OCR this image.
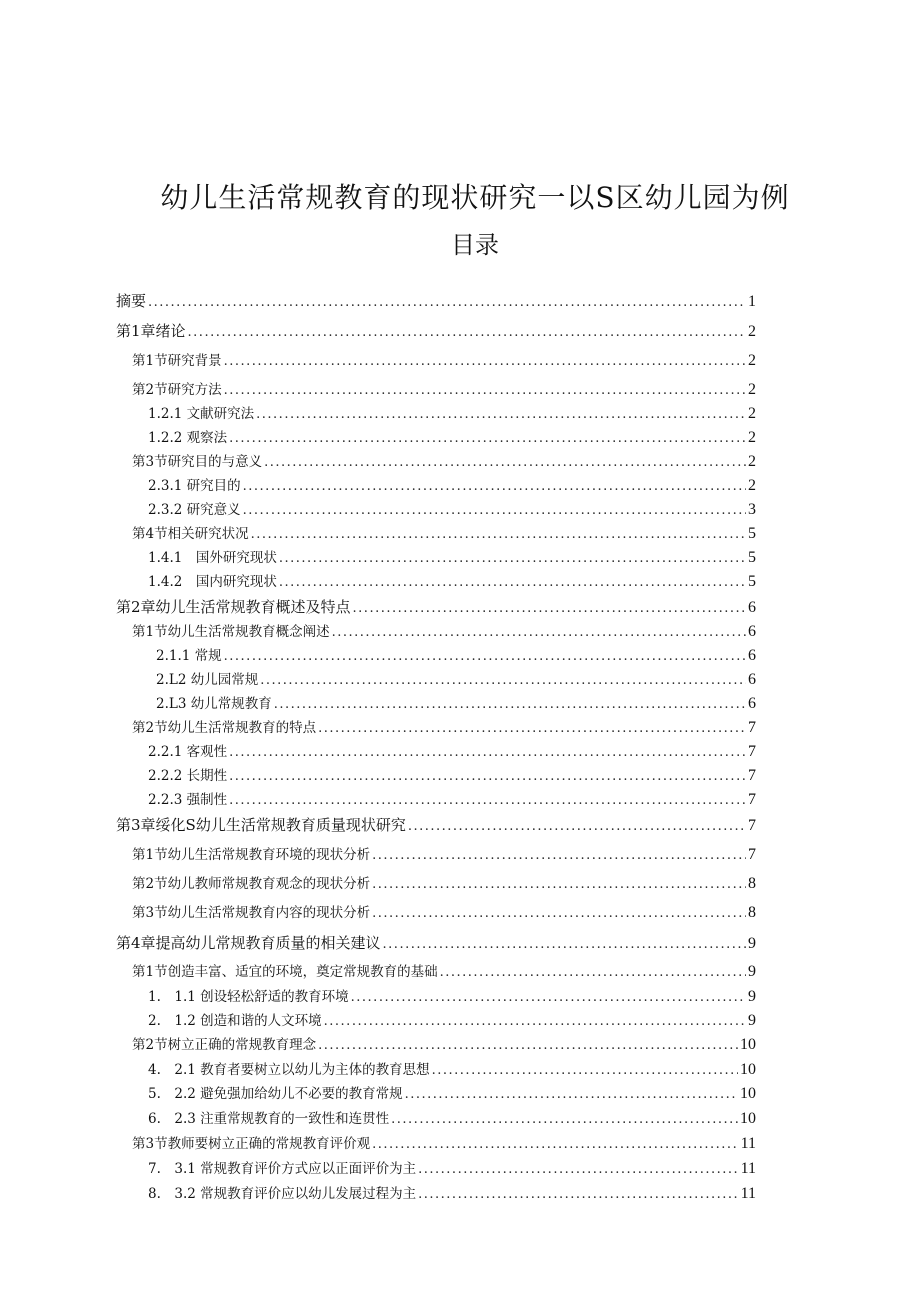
幼儿生活常规教育的现状研究一以S区幼儿园为例
目录
摘要 .....	1
第1章绪论 .....	2
第1节研究背景 .....	2
第2节研究方法 .....	2
1.2.1 文献研究法 .....	2
1.2.2 观察法 .....	2
第3节研究目的与意义 .....	2
2.3.1 研究目的 .....	2
2.3.2 研究意义 .....	3
第4节相关研究状况 .....	5
1.4.1　国外研究现状 .....	5
1.4.2　国内研究现状 .....	5
第2章幼儿生活常规教育概述及特点 .....	6
第1节幼儿生活常规教育概念阐述 .....	6
2.1.1 常规 .....	6
2.L2 幼儿园常规 .....	6
2.L3 幼儿常规教育 .....	6
第2节幼儿生活常规教育的特点 .....	7
2.2.1 客观性 .....	7
2.2.2 长期性 .....	7
2.2.3 强制性 .....	7
第3章绥化S幼儿生活常规教育质量现状研究 .....	7
第1节幼儿生活常规教育环境的现状分析 .....	7
第2节幼儿教师常规教育观念的现状分析 .....	8
第3节幼儿生活常规教育内容的现状分析 .....	8
第4章提高幼儿常规教育质量的相关建议 .....	9
第1节创造丰富、适宜的环境，奠定常规教育的基础 .....	9
1.　1.1 创设轻松舒适的教育环境 .....	9
2.　1.2 创造和谐的人文环境 .....	9
第2节树立正确的常规教育理念 .....	10
4.　2.1 教育者要树立以幼儿为主体的教育思想 .....	10
5.　2.2 避免强加给幼儿不必要的教育常规 .....	10
6.　2.3 注重常规教育的一致性和连贯性 .....	10
第3节教师要树立正确的常规教育评价观 .....	11
7.　3.1 常规教育评价方式应以正面评价为主 .....	11
8.　3.2 常规教育评价应以幼儿发展过程为主 .....	11
